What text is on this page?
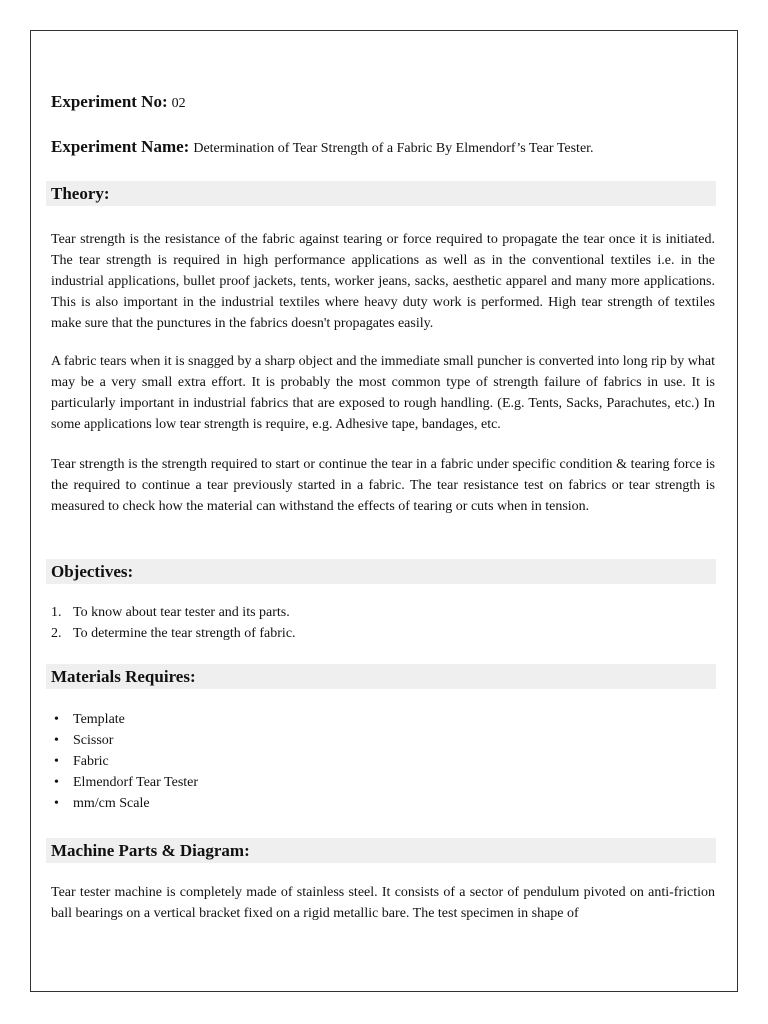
Experiment No: 02
Experiment Name: Determination of Tear Strength of a Fabric By Elmendorf’s Tear Tester.
Theory:

Tear strength is the resistance of the fabric against tearing or force required to propagate the tear once it is initiated. The tear strength is required in high performance applications as well as in the conventional textiles i.e. in the industrial applications, bullet proof jackets, tents, worker jeans, sacks, aesthetic apparel and many more applications. This is also important in the industrial textiles where heavy duty work is performed. High tear strength of textiles make sure that the punctures in the fabrics doesn't propagates easily.

A fabric tears when it is snagged by a sharp object and the immediate small puncher is converted into long rip by what may be a very small extra effort. It is probably the most common type of strength failure of fabrics in use. It is particularly important in industrial fabrics that are exposed to rough handling. (E.g. Tents, Sacks, Parachutes, etc.) In some applications low tear strength is require, e.g. Adhesive tape, bandages, etc.

Tear strength is the strength required to start or continue the tear in a fabric under specific condition & tearing force is the required to continue a tear previously started in a fabric. The tear resistance test on fabrics or tear strength is measured to check how the material can withstand the effects of tearing or cuts when in tension.

Objectives:
1. To know about tear tester and its parts.
2. To determine the tear strength of fabric.
Materials Requires:
• Template
• Scissor
• Fabric
• Elmendorf Tear Tester
• mm/cm Scale
Machine Parts & Diagram:

Tear tester machine is completely made of stainless steel. It consists of a sector of pendulum pivoted on anti-friction ball bearings on a vertical bracket fixed on a rigid metallic bare. The test specimen in shape of
